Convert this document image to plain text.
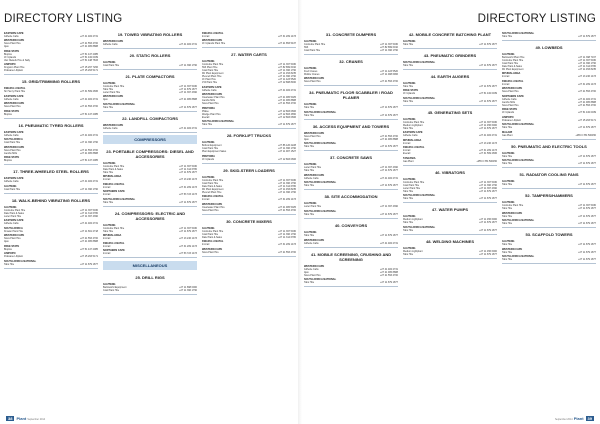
DIRECTORY LISTING
EASTERN CAPE
Isithebe Cabs	+27 41 484 2731
WESTERN CAPE
Nova Plant Hire	+27 21 553 4700
Ajax	+27 21 905 8888
FREE STATE
Bioplus	+27 51 447 2085
JF Uplands	+27 51 432 0039
Van Niekerk Hire & Sally	+27 51 448 7833
LIMPOPO
Kingston Plant Hire	+27 15 297 7266
Pokwane Liftplant	+27 15 263 5171
15. GRID/TRIMMING ROLLERS
KWAZULU-NATAL
Sir Henry Plant Hire	+27 31 569 2695
EASTERN CAPE
Isithebe Cabs	+27 41 484 2731
WESTERN CAPE
Nova Plant Hire	+27 21 553 4700
FREE STATE
Bioplus	+27 51 447 2085
16. PNEUMATIC TYRED ROLLERS
EASTERN CAPE
Isithebe Cabs	+27 41 484 2731
SOUTH AFRICA
Coal Plant Hire	+27 11 396 1790
WESTERN CAPE
Nova Plant Hire	+27 21 553 4700
Jacobs Mills	+27 21 905 8888
FREE STATE
Bioplus	+27 51 447 2085
17. THREE-WHEELED STEEL ROLLERS
EASTERN CAPE
Isithebe Cabs	+27 41 484 2731
GAUTENG
Coal Plant Hire	+27 11 396 1790
18. WALK-BEHIND VIBRATING ROLLERS
GAUTENG
Coolcube Plant Hire	+27 11 397 5030
Dale Plant & Sales	+27 11 314 6780
Lazer Plant Hire	+27 11 397 4390
EASTERN CAPE
Isithebe Cabs	+27 41 484 2731
SOUTH AFRICA
Kinwan Plant Hire	+27 11 661 2718
WESTERN CAPE
Nova Plant Hire	+27 21 553 4700
Ajax	+27 21 905 8888
FREE STATE
Bioplus	+27 51 447 2085
LIMPOPO
Pokwane Liftplant	+27 15 263 5171
SOUTH AFRICA NATIONAL
Tabs Hire	+27 11 879 1877
19. TOWED VIBRATING ROLLERS
WESTERN CAPE
Isithebe Cabs	+27 41 484 2731
20. STATIC ROLLERS
GAUTENG
Coal Plant Hire	+27 11 396 1790
21. PLATE COMPACTORS
GAUTENG
Coolcube Plant Hire	+27 11 397 5030
Tabs Hire	+27 11 879 1877
Lazer Plant Hire	+27 11 397 4390
WESTERN CAPE
Ajax	+27 21 905 8888
SOUTH AFRICA NATIONAL
Tabs Hire	+27 11 879 1877
22. LANDFILL COMPACTORS
WESTERN CAPE
Isithebe Cabs	+27 41 484 2731
COMPRESSORS
23. PORTABLE COMPRESSORS: DIESEL AND ACCESSORIES
GAUTENG
Coolcube Plant Hire	+27 11 397 5030
Dale Plant & Sales	+27 11 314 6780
Tabs Hire	+27 11 879 1877
MPUMALANGA
Ironrail	+27 13 246 1473
KWAZULU-NATAL
Ironrail	+27 31 209 1473
NORTHERN CAPE
Ironrail	+27 53 723 1473
SOUTH AFRICA NATIONAL
Tabs Hire	+27 11 879 1877
24. COMPRESSORS: ELECTRIC AND ACCESSORIES
GAUTENG
Coolcube Plant Hire	+27 11 397 5030
Tabs Hire	+27 11 879 1877
MPUMALANGA
Ironrail	+27 13 246 1473
KWAZULU-NATAL
Ironrail	+27 31 209 1473
NORTHERN CAPE
Ironrail	+27 53 723 1473
MISCELLANEOUS
25. DRILL RIGS
GAUTENG
Barloworld Equipment	+27 11 898 0000
Coal Plant Hire	+27 11 396 1790
KWAZULU-NATAL
Ironrail	+27 31 209 1473
WESTERN CAPE
JF Uplands Plant Hire	+27 21 853 5437
27. WATER CARTS
GAUTENG
Coolcube Plant Hire	+27 11 397 5030
IW3 Plant Hire	+27 82 899 6010
Coal Plant Hire	+27 11 396 1790
MJ Plant Equipment	+27 11 453 8235
Plexcell Plant Hire	+27 11 396 1790
JF Plant Hire	+27 11 423 5520
JTA Plant Hire	+27 12 808 8460
EASTERN CAPE
Isithebe Cabs	+27 41 484 2731
WESTERN CAPE
Clearwater Plant Hire	+27 21 905 5025
Jacobs Mills	+27 21 905 8888
Nova Plant Hire	+27 21 553 4700
PRETORIA
Pfalse	+27 12 803 0666
Wedge Plant Hire	+27 12 803 4650
Everall	+27 12 803 0666
SOUTH AFRICA NATIONAL
Tabs Hire	+27 11 879 1877
28. FORKLIFT TRUCKS
GAUTENG
Bobcat Equipment	+27 86 126 2228
Coal Plant Hire	+27 11 396 1790
Plant Equipment Sales	+27 11 907 1527
PRETORIA
JF Uplands	+27 12 803 0666
29. SKID-STEER LOADERS
GAUTENG
Coolcube Plant Hire	+27 11 397 5030
Coal Plant Hire	+27 11 396 1790
Dale Plant & Sales	+27 11 314 6780
MJ Plant Equipment	+27 11 453 8235
Plexcell Plant Hire	+27 11 396 1790
KWAZULU-NATAL
Ironrail	+27 31 209 1473
WESTERN CAPE
Clearwater Plant Hire	+27 21 905 5025
Nova Plant Hire	+27 21 553 4700
30. CONCRETE MIXERS
GAUTENG
Coolcube Plant Hire	+27 11 397 5030
Coal Plant Hire	+27 11 396 1790
Dale Plant & Sales	+27 11 314 6780
KWAZULU-NATAL
Ironrail	+27 31 209 1473
WESTERN CAPE
Nova Plant Hire	+27 21 553 4700
38 Plant September 2014
DIRECTORY LISTING
31. CONCRETE DUMPERS
GAUTENG
Coolcube Plant Hire	+27 11 397 5030
IW3	+27 82 899 6010
Coal Plant Hire	+27 11 396 1790
32. CRANES
GAUTENG
Fred Cranes	+27 11 423 5520
Mobile Cranes	+27 11 908 6966
WESTERN CAPE
Nova Plant Hire	+27 21 553 4700
34. PNEUMATIC FLOOR SCABBLER / ROAD PLANER
GAUTENG
Tabs Hire	+27 11 879 1877
SOUTH AFRICA NATIONAL
Tabs Hire	+27 11 879 1877
36. ACCESS EQUIPMENT AND TOWERS
WESTERN CAPE
Nova Plant Hire	+27 21 553 4700
Ajax	+27 21 905 8888
SOUTH AFRICA NATIONAL
Tabs Hire	+27 11 879 1877
37. CONCRETE SAWS
GAUTENG
Lazer Plant Hire	+27 11 397 4390
Tabs Hire	+27 11 879 1877
WESTERN CAPE
Isithebe Cabs	+27 41 484 2731
SOUTH AFRICA NATIONAL
Tabs Hire	+27 11 879 1877
38. SITE ACCOMMODATION
GAUTENG
Lazer Plant Hire	+27 11 397 4390
SOUTH AFRICA NATIONAL
Tabs Hire	+27 11 879 1877
40. CONVEYORS
GAUTENG
Tabs Hire	+27 11 879 1877
WESTERN CAPE
Isithebe Cabs	+27 41 484 2731
41. MOBILE SCREENING, CRUSHING AND SCREENING
WESTERN CAPE
Isithebe Cabs	+27 41 484 2731
Ajax	+27 21 905 8888
Nova Plant Hire	+27 21 553 4700
SOUTH AFRICA NATIONAL
Tabs Hire	+27 11 879 1877
42. MOBILE CONCRETE BATCHING PLANT
GAUTENG
Tabs Hire	+27 11 879 1877
43. PNEUMATIC GRINDERS
SOUTH AFRICA NATIONAL
Tabs Hire	+27 11 879 1877
44. EARTH AUGERS
GAUTENG
Tabs Hire	+27 11 879 1877
FREE STATE
JF Uplands	+27 51 432 0039
SOUTH AFRICA NATIONAL
Tabs Hire	+27 11 879 1877
45. GENERATING SETS
GAUTENG
Coolcube Plant Hire	+27 11 397 5030
Medium Lightplant	+27 11 456 6000
Tabs Hire	+27 11 879 1877
EASTERN CAPE
Isithebe Cabs	+27 41 484 2731
MPUMALANGA
Ironrail	+27 13 246 1473
KWAZULU-NATAL
Ironrail	+27 31 209 1473
Everall	+27 31 569 2695
TANZANIA
Gas Plant	+255 0 784 500450
46. VIBRATORS
GAUTENG
Coolcube Plant Hire	+27 11 397 5030
Coal Plant Hire	+27 11 396 1790
Lazer Plant Hire	+27 11 397 4390
Tabs Hire	+27 11 879 1877
SOUTH AFRICA NATIONAL
Tabs Hire	+27 11 879 1877
47. WATER PUMPS
GAUTENG
Medium Lightplant	+27 11 456 6000
Tabs Hire	+27 11 879 1877
SOUTH AFRICA NATIONAL
Tabs Hire	+27 11 879 1877
48. WELDING MACHINES
GAUTENG
Medium Lightplant	+27 11 456 6000
Tabs Hire	+27 11 879 1877
SOUTH AFRICA NATIONAL
Tabs Hire	+27 11 879 1877
49. LOWBEDS
GAUTENG
Barloworld Plant Hire	+27 11 398 7167
Coolcube Plant Hire	+27 11 397 5030
Coal Plant Hire	+27 11 396 1790
Dale Plant & Sales	+27 11 314 6780
MJ Plant Equipment	+27 11 453 8235
MPUMALANGA
Ironrail	+27 13 246 1473
KWAZULU-NATAL
Ironrail	+27 31 209 1473
WESTERN CAPE
Nova Plant Hire	+27 21 553 4700
NORTHERN CAPE
Isithebe Cabs	+27 41 484 2731
Jacobs Mills	+27 21 905 8888
Nova Plant Hire	+27 21 553 4700
FREE STATE
JF Uplands	+27 51 432 0039
LIMPOPO
Pokwane Liftplant	+27 15 263 5171
SOUTH AFRICA NATIONAL
Tabs Hire	+27 11 879 1877
MALAWI
Gas Plant	+265 0 784 500450
50. PNEUMATIC AND ELECTRIC TOOLS
GAUTENG
Tabs Hire	+27 11 879 1877
SOUTH AFRICA NATIONAL
Tabs Hire	+27 11 879 1877
51. RADIATOR COOLING FANS
GAUTENG
Tabs Hire	+27 11 879 1877
52. TAMPERS/HAMMERS
GAUTENG
Coolcube Plant Hire	+27 11 397 5030
Tabs Hire	+27 11 879 1877
WESTERN CAPE
Tabs Hire	+27 11 879 1877
SOUTH AFRICA NATIONAL
Tabs Hire	+27 11 879 1877
53. SCAFFOLD TOWERS
GAUTENG
Tabs Hire	+27 11 879 1877
WESTERN CAPE
Tabs Hire	+27 11 879 1877
SOUTH AFRICA NATIONAL
Tabs Hire	+27 11 879 1877
September 2014 Plant 39
